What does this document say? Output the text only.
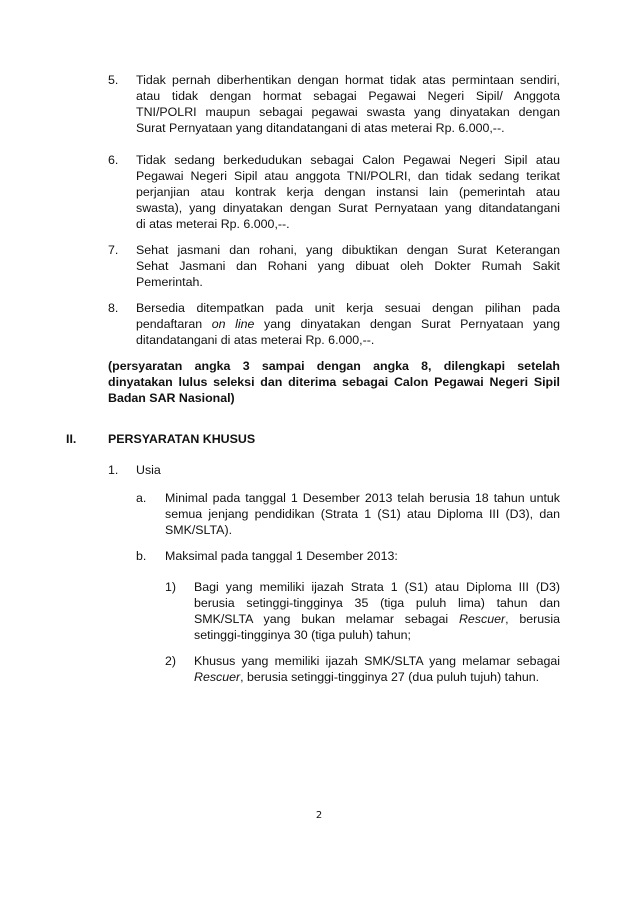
5. Tidak pernah diberhentikan dengan hormat tidak atas permintaan sendiri,
atau tidak dengan hormat sebagai Pegawai Negeri Sipil/ Anggota
TNI/POLRI maupun sebagai pegawai swasta yang dinyatakan dengan
Surat Pernyataan yang ditandatangani di atas meterai Rp. 6.000,--.
6. Tidak sedang berkedudukan sebagai Calon Pegawai Negeri Sipil atau
Pegawai Negeri Sipil atau anggota TNI/POLRI, dan tidak sedang terikat
perjanjian atau kontrak kerja dengan instansi lain (pemerintah atau
swasta), yang dinyatakan dengan Surat Pernyataan yang ditandatangani
di atas meterai Rp. 6.000,--.
7. Sehat jasmani dan rohani, yang dibuktikan dengan Surat Keterangan
Sehat Jasmani dan Rohani yang dibuat oleh Dokter Rumah Sakit
Pemerintah.
8. Bersedia ditempatkan pada unit kerja sesuai dengan pilihan pada
pendaftaran on line yang dinyatakan dengan Surat Pernyataan yang
ditandatangani di atas meterai Rp. 6.000,--.
(persyaratan angka 3 sampai dengan angka 8, dilengkapi setelah
dinyatakan lulus seleksi dan diterima sebagai Calon Pegawai Negeri Sipil
Badan SAR Nasional)
II.	PERSYARATAN KHUSUS
1. Usia
a. Minimal pada tanggal 1 Desember 2013 telah berusia 18 tahun untuk
semua jenjang pendidikan (Strata 1 (S1) atau Diploma III (D3), dan
SMK/SLTA).
b. Maksimal pada tanggal 1 Desember 2013:
1) Bagi yang memiliki ijazah Strata 1 (S1) atau Diploma III (D3)
berusia setinggi-tingginya 35 (tiga puluh lima) tahun dan
SMK/SLTA yang bukan melamar sebagai Rescuer, berusia
setinggi-tingginya 30 (tiga puluh) tahun;
2) Khusus yang memiliki ijazah SMK/SLTA yang melamar sebagai
Rescuer, berusia setinggi-tingginya 27 (dua puluh tujuh) tahun.
2
